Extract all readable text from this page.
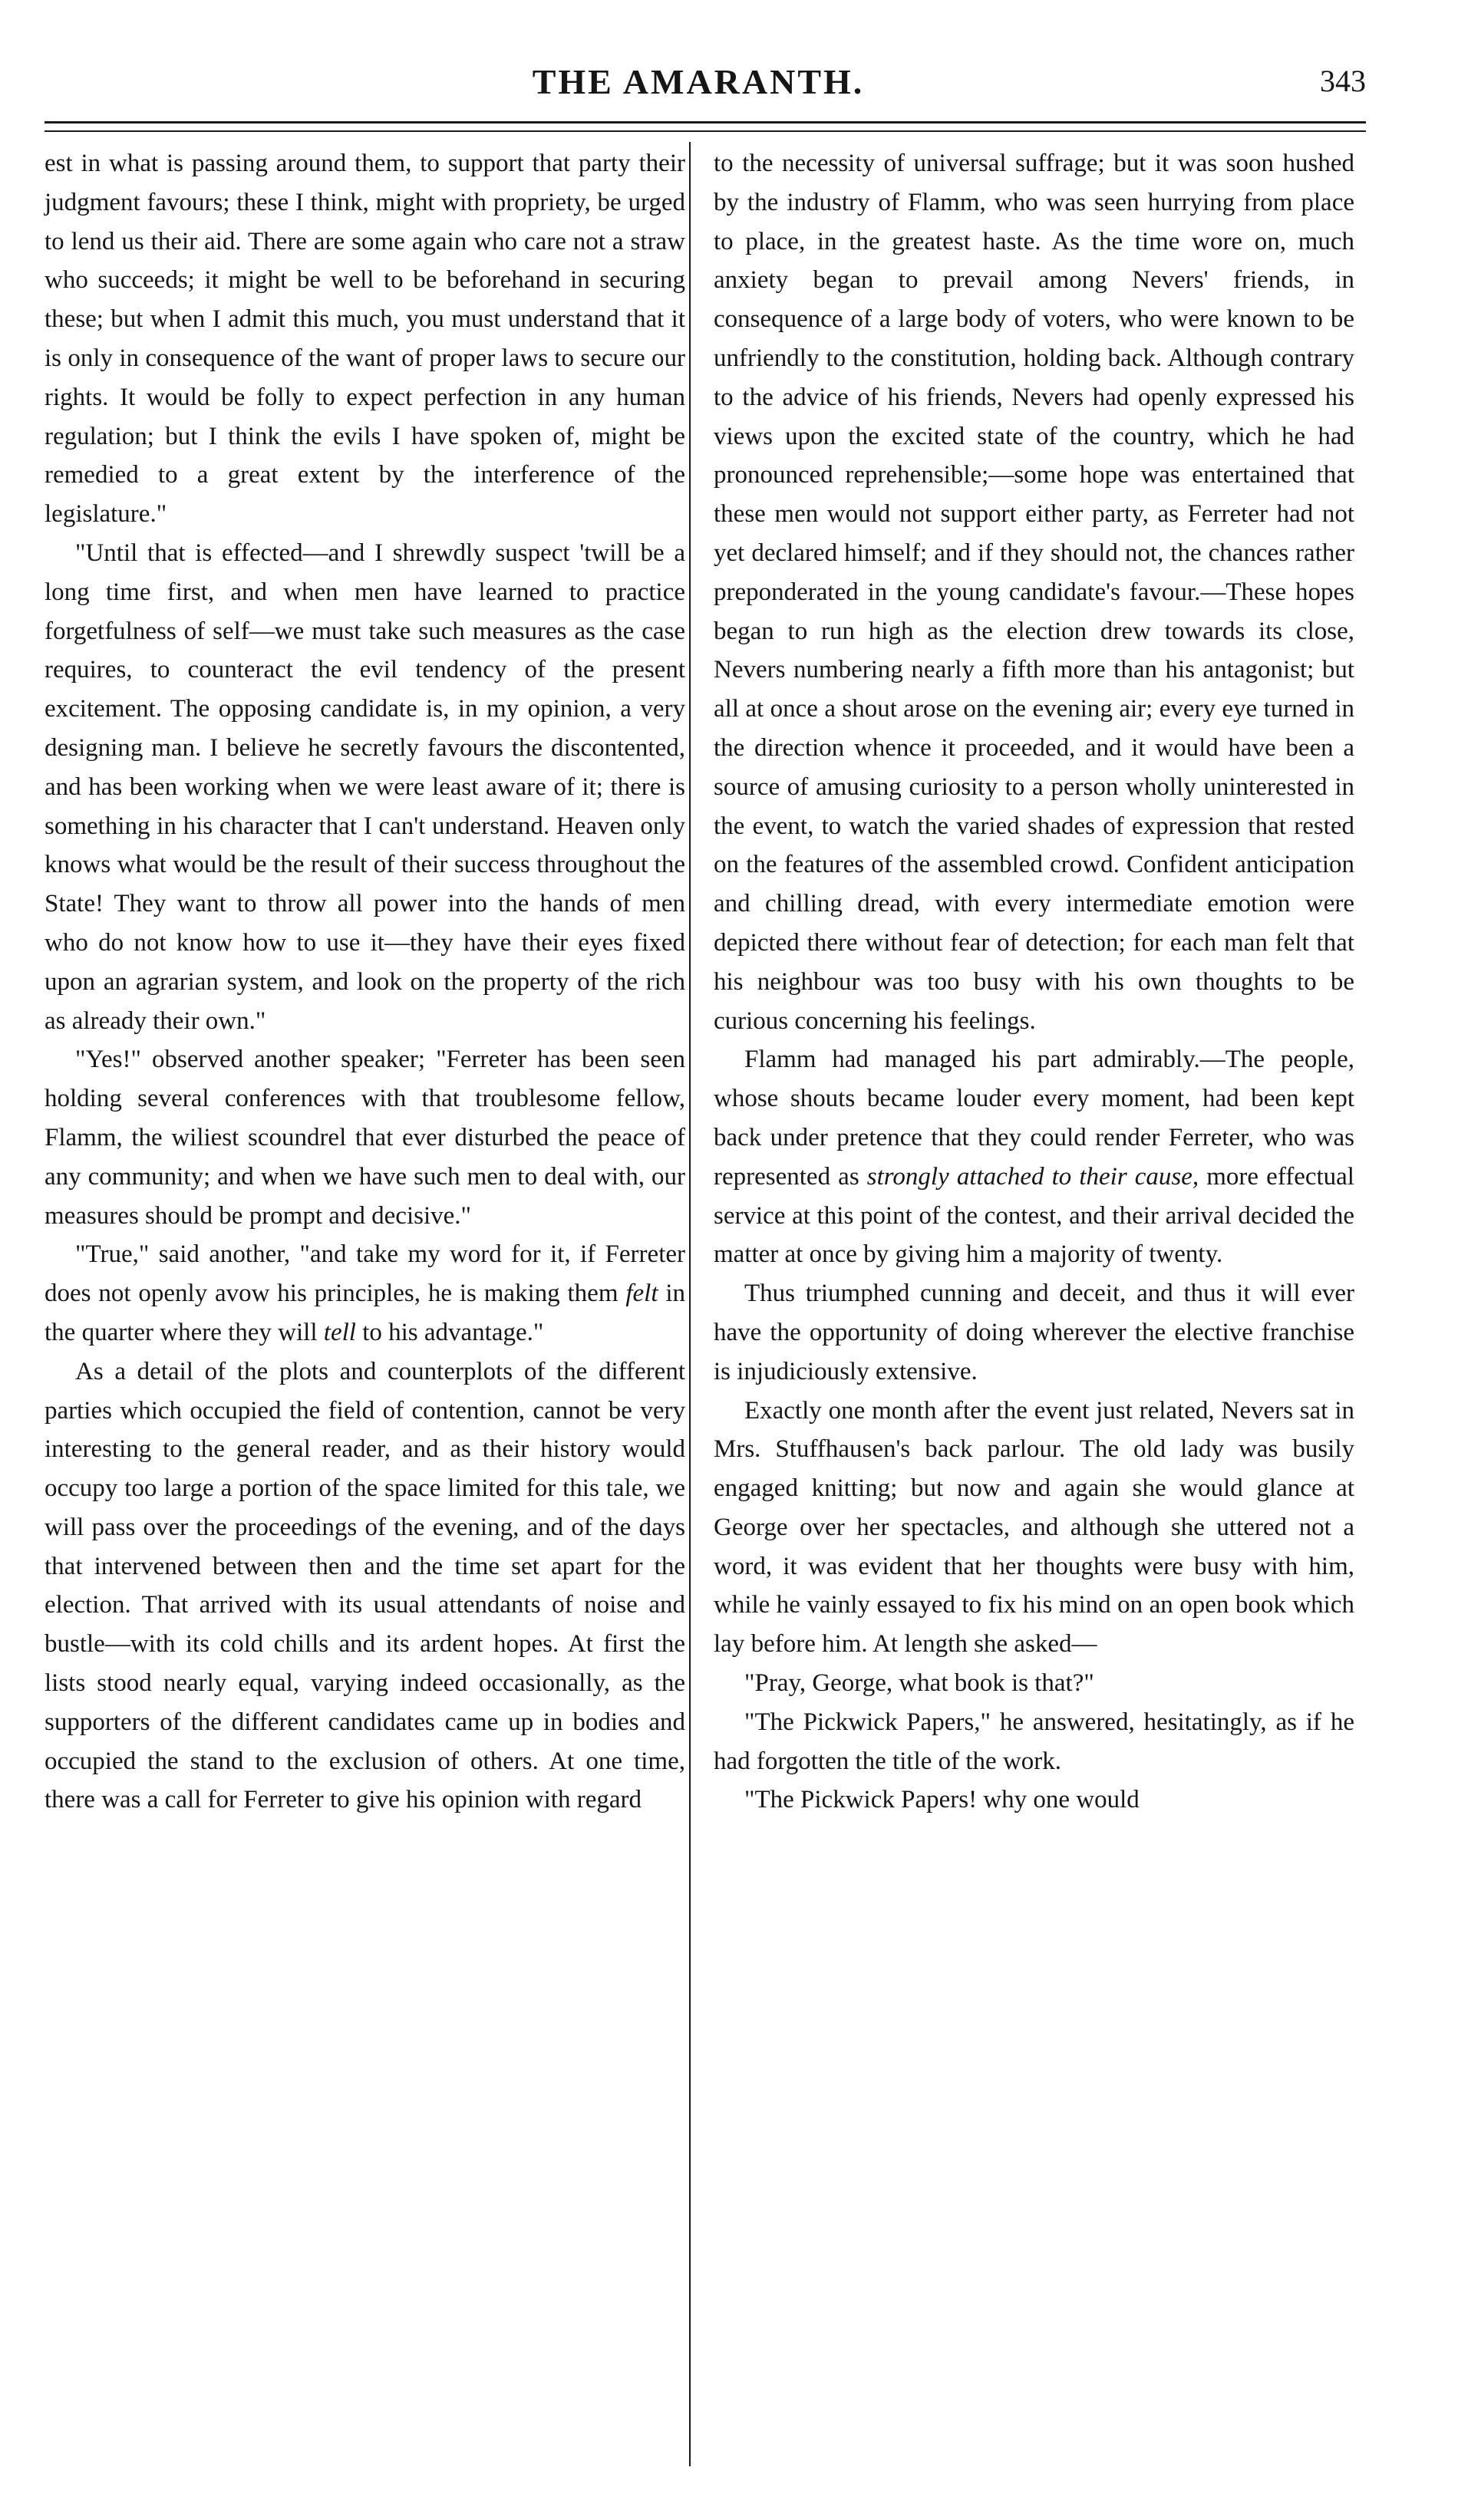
THE AMARANTH.	343

est in what is passing around them, to support that party their judgment favours; these I think, might with propriety, be urged to lend us their aid. There are some again who care not a straw who succeeds; it might be well to be beforehand in securing these; but when I admit this much, you must understand that it is only in consequence of the want of proper laws to secure our rights. It would be folly to expect perfection in any human regulation; but I think the evils I have spoken of, might be remedied to a great extent by the interference of the legislature."

"Until that is effected—and I shrewdly suspect 'twill be a long time first, and when men have learned to practice forgetfulness of self—we must take such measures as the case requires, to counteract the evil tendency of the present excitement. The opposing candidate is, in my opinion, a very designing man. I believe he secretly favours the discontented, and has been working when we were least aware of it; there is something in his character that I can't understand. Heaven only knows what would be the result of their success throughout the State! They want to throw all power into the hands of men who do not know how to use it—they have their eyes fixed upon an agrarian system, and look on the property of the rich as already their own."

"Yes!" observed another speaker; "Ferreter has been seen holding several conferences with that troublesome fellow, Flamm, the wiliest scoundrel that ever disturbed the peace of any community; and when we have such men to deal with, our measures should be prompt and decisive."

"True," said another, "and take my word for it, if Ferreter does not openly avow his principles, he is making them felt in the quarter where they will tell to his advantage."

As a detail of the plots and counterplots of the different parties which occupied the field of contention, cannot be very interesting to the general reader, and as their history would occupy too large a portion of the space limited for this tale, we will pass over the proceedings of the evening, and of the days that intervened between then and the time set apart for the election. That arrived with its usual attendants of noise and bustle—with its cold chills and its ardent hopes. At first the lists stood nearly equal, varying indeed occasionally, as the supporters of the different candidates came up in bodies and occupied the stand to the exclusion of others. At one time, there was a call for Ferreter to give his opinion with regard

to the necessity of universal suffrage; but it was soon hushed by the industry of Flamm, who was seen hurrying from place to place, in the greatest haste. As the time wore on, much anxiety began to prevail among Nevers' friends, in consequence of a large body of voters, who were known to be unfriendly to the constitution, holding back. Although contrary to the advice of his friends, Nevers had openly expressed his views upon the excited state of the country, which he had pronounced reprehensible;—some hope was entertained that these men would not support either party, as Ferreter had not yet declared himself; and if they should not, the chances rather preponderated in the young candidate's favour.—These hopes began to run high as the election drew towards its close, Nevers numbering nearly a fifth more than his antagonist; but all at once a shout arose on the evening air; every eye turned in the direction whence it proceeded, and it would have been a source of amusing curiosity to a person wholly uninterested in the event, to watch the varied shades of expression that rested on the features of the assembled crowd. Confident anticipation and chilling dread, with every intermediate emotion were depicted there without fear of detection; for each man felt that his neighbour was too busy with his own thoughts to be curious concerning his feelings.

Flamm had managed his part admirably.—The people, whose shouts became louder every moment, had been kept back under pretence that they could render Ferreter, who was represented as strongly attached to their cause, more effectual service at this point of the contest, and their arrival decided the matter at once by giving him a majority of twenty.

Thus triumphed cunning and deceit, and thus it will ever have the opportunity of doing wherever the elective franchise is injudiciously extensive.

Exactly one month after the event just related, Nevers sat in Mrs. Stuffhausen's back parlour. The old lady was busily engaged knitting; but now and again she would glance at George over her spectacles, and although she uttered not a word, it was evident that her thoughts were busy with him, while he vainly essayed to fix his mind on an open book which lay before him. At length she asked—

"Pray, George, what book is that?"

"The Pickwick Papers," he answered, hesitatingly, as if he had forgotten the title of the work.

"The Pickwick Papers! why one would
